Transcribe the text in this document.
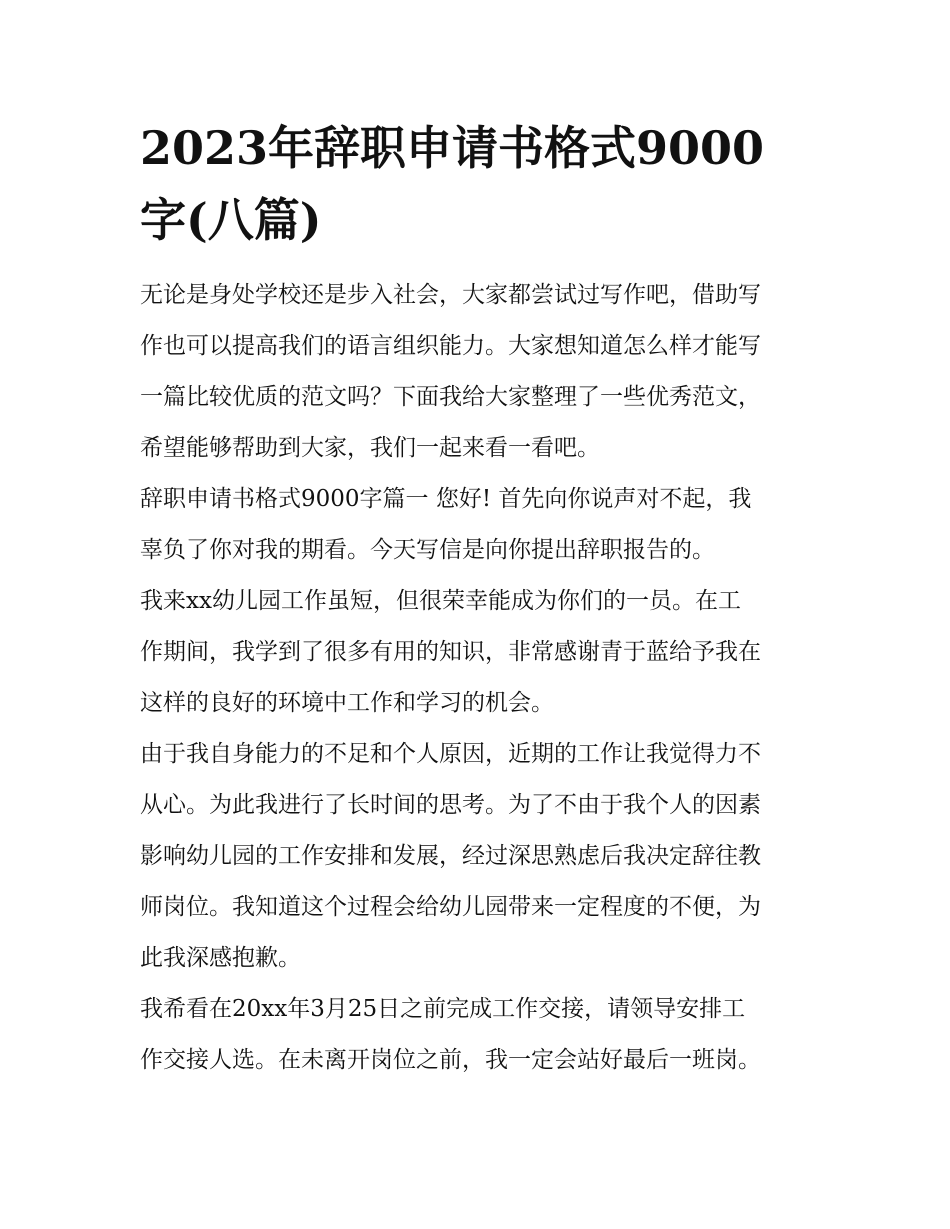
2023年辞职申请书格式9000
字(八篇)

无论是身处学校还是步入社会，大家都尝试过写作吧，借助写
作也可以提高我们的语言组织能力。大家想知道怎么样才能写
一篇比较优质的范文吗？下面我给大家整理了一些优秀范文，
希望能够帮助到大家，我们一起来看一看吧。

辞职申请书格式9000字篇一 您好! 首先向你说声对不起，我
辜负了你对我的期看。今天写信是向你提出辞职报告的。

我来xx幼儿园工作虽短，但很荣幸能成为你们的一员。在工
作期间，我学到了很多有用的知识，非常感谢青于蓝给予我在
这样的良好的环境中工作和学习的机会。

由于我自身能力的不足和个人原因，近期的工作让我觉得力不
从心。为此我进行了长时间的思考。为了不由于我个人的因素
影响幼儿园的工作安排和发展，经过深思熟虑后我决定辞往教
师岗位。我知道这个过程会给幼儿园带来一定程度的不便，为
此我深感抱歉。

我希看在20xx年3月25日之前完成工作交接，请领导安排工
作交接人选。在未离开岗位之前，我一定会站好最后一班岗。
